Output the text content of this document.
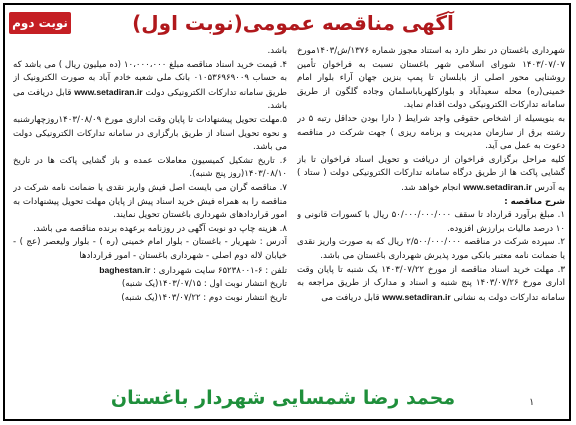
آگهی مناقصه عمومی(نوبت اول)
نوبت دوم

شهرداری باغستان در نظر دارد به استناد مجوز شماره ۱۳۷۶/ش/۱۴۰۳مورخ ۱۴۰۳/۰۷/۰۷ شورای اسلامی شهر باغستان نسبت به فراخوان تأمین روشنایی محور اصلی از بابلسان تا پمپ بنزین جهان آراء بلوار امام خمینی(ره) محله سعیدآباد و بلوارکلهرباباسلمان وجاده گلگون از طریق سامانه تدارکات الکترونیکی دولت اقدام نماید.

به بنویسیله از اشخاص حقوقی واجد شرایط ( دارا بودن حداقل رتبه ۵ در رشته برق از سازمان مدیریت و برنامه ریزی ) جهت شرکت در مناقصه دعوت به عمل می آید.

کلیه مراحل برگزاری فراخوان از دریافت و تحویل اسناد فراخوان تا باز گشایی پاکت ها از طریق درگاه سامانه تدارکات الکترونیکی دولت ( ستاد ) به آدرس www.setadiran.ir انجام خواهد شد.

شرح مناقصه :

۱. مبلغ برآورد قرارداد تا سقف ۵۰/۰۰۰/۰۰۰/۰۰۰ ریال با کسورات قانونی و ۱۰ درصد مالیات برارزش افزوده.

۲. سپرده شرکت در مناقصه ۲/۵۰۰/۰۰۰/۰۰۰ ریال که به صورت واریز نقدی یا ضمانت نامه معتبر بانکی مورد پذیرش شهرداری باغستان می باشد.

۳. مهلت خرید اسناد مناقصه از مورخ ۱۴۰۳/۰۷/۲۲ یک شنبه تا پایان وقت اداری مورخ ۱۴۰۳/۰۷/۲۶ پنج شنبه و اسناد و مدارک از طریق مراجعه به سامانه تدارکات دولت به نشانی www.setadiran.ir قابل دریافت می

باشد.

۴. قیمت خرید اسناد مناقصه مبلغ ۱۰،۰۰۰،۰۰۰ (ده میلیون ریال ) می باشد که به حساب ۰۱۰۵۳۶۹۶۹۰۰۹ بانک ملی شعبه خادم آباد به صورت الکترونیک از طریق سامانه تدارکات الکترونیکی دولت www.setadiran.ir قابل دریافت می باشد.

۵.مهلت تحویل پیشنهادات تا پایان وقت اداری مورخ ۱۴۰۳/۰۸/۰۹روزچهارشنبه و نحوه تحویل اسناد از طریق بارگزاری در سامانه تدارکات الکترونیکی دولت می باشد.

۶. تاریخ تشکیل کمیسیون معاملات عمده و باز گشایی پاکت ها در تاریخ ۱۴۰۳/۰۸/۱۰(روز پنج شنبه).

۷. مناقصه گران می بایست اصل فیش واریز نقدی یا ضمانت نامه شرکت در مناقصه را به همراه فیش خرید اسناد پیش از پایان مهلت تحویل پیشنهادات به امور قراردادهای شهرداری باغستان تحویل نمایند.

۸. هزینه چاپ دو نوبت آگهی در روزنامه برعهده برنده مناقصه می باشد.

آدرس : شهریار - باغستان - بلوار امام خمینی (ره ) - بلوار ولیعصر (عج ) - خیابان لاله دوم اصلی - شهرداری باغستان - امور قراردادها

تلفن : ۶-۶۵۲۳۸۰۰۱ سایت شهرداری : baghestan.ir

تاریخ انتشار نوبت اول : ۱۴۰۳/۰۷/۱۵(یک شنبه)

تاریخ انتشار نوبت دوم : ۱۴۰۳/۰۷/۲۲(یک شنبه)

محمد رضا شمسایی شهردار باغستان	۱
